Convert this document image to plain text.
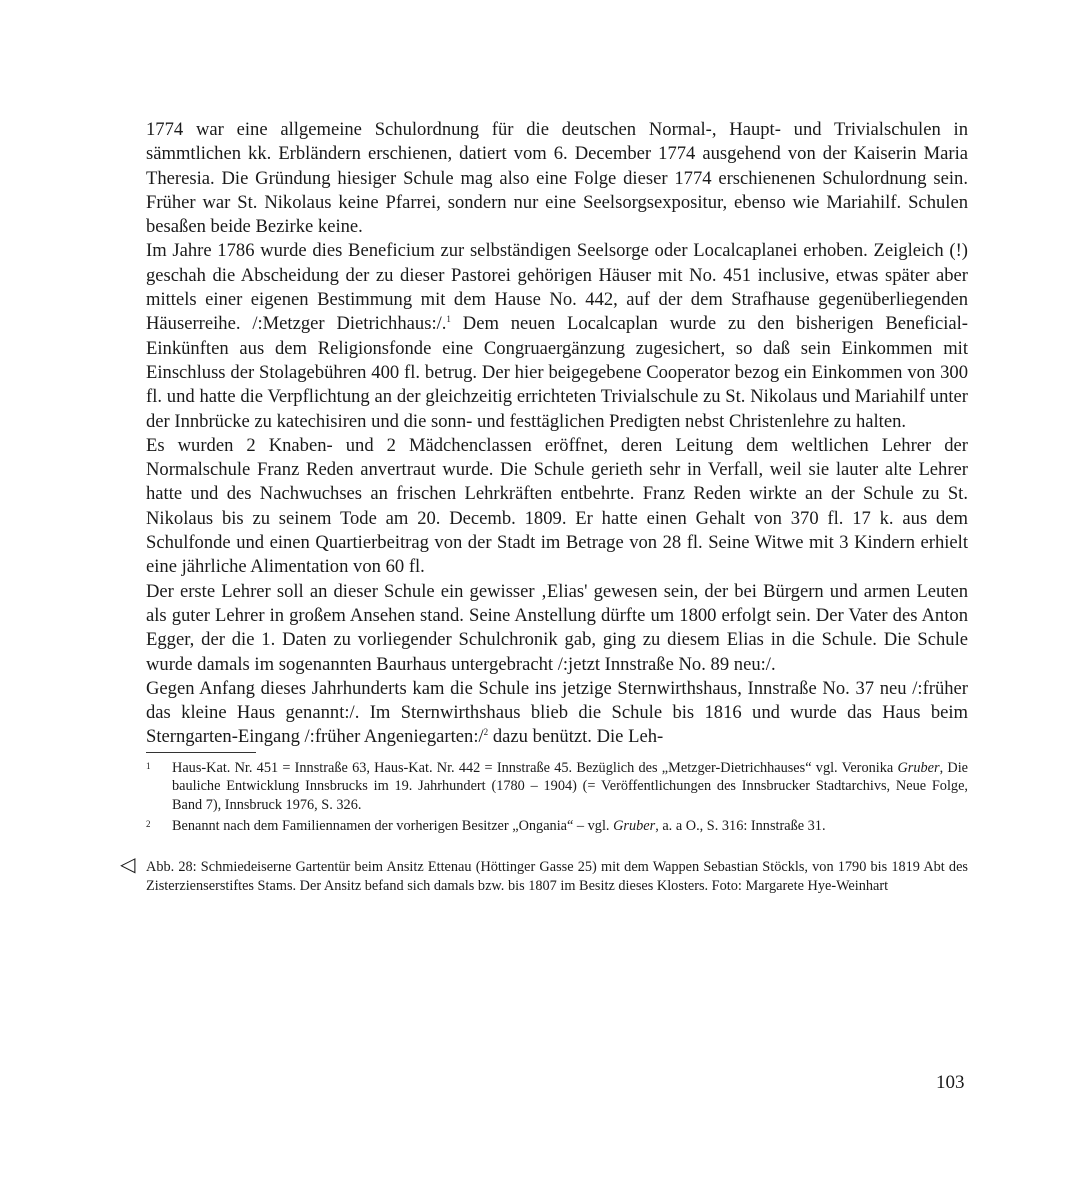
1774 war eine allgemeine Schulordnung für die deutschen Normal-, Haupt- und Trivialschulen in sämmtlichen kk. Erbländern erschienen, datiert vom 6. December 1774 ausgehend von der Kaiserin Maria Theresia. Die Gründung hiesiger Schule mag also eine Folge dieser 1774 erschienenen Schulordnung sein. Früher war St. Nikolaus keine Pfarrei, sondern nur eine Seelsorgsexpositur, ebenso wie Mariahilf. Schulen besaßen beide Bezirke keine.

Im Jahre 1786 wurde dies Beneficium zur selbständigen Seelsorge oder Localcaplanei erhoben. Zeigleich (!) geschah die Abscheidung der zu dieser Pastorei gehörigen Häuser mit No. 451 inclusive, etwas später aber mittels einer eigenen Bestimmung mit dem Hause No. 442, auf der dem Strafhause gegenüberliegenden Häuserreihe. /:Metzger Dietrichhaus:/.$^1$ Dem neuen Localcaplan wurde zu den bisherigen Beneficial-Einkünften aus dem Religionsfonde eine Congruaergänzung zugesichert, so daß sein Einkommen mit Einschluss der Stolagebühren 400 fl. betrug. Der hier beigegebene Cooperator bezog ein Einkommen von 300 fl. und hatte die Verpflichtung an der gleichzeitig errichteten Trivialschule zu St. Nikolaus und Mariahilf unter der Innbrücke zu katechisiren und die sonn- und festtäglichen Predigten nebst Christenlehre zu halten.

Es wurden 2 Knaben- und 2 Mädchenclassen eröffnet, deren Leitung dem weltlichen Lehrer der Normalschule Franz Reden anvertraut wurde. Die Schule gerieth sehr in Verfall, weil sie lauter alte Lehrer hatte und des Nachwuchses an frischen Lehrkräften entbehrte. Franz Reden wirkte an der Schule zu St. Nikolaus bis zu seinem Tode am 20. Decemb. 1809. Er hatte einen Gehalt von 370 fl. 17 k. aus dem Schulfonde und einen Quartierbeitrag von der Stadt im Betrage von 28 fl. Seine Witwe mit 3 Kindern erhielt eine jährliche Alimentation von 60 fl.

Der erste Lehrer soll an dieser Schule ein gewisser ‚Elias' gewesen sein, der bei Bürgern und armen Leuten als guter Lehrer in großem Ansehen stand. Seine Anstellung dürfte um 1800 erfolgt sein. Der Vater des Anton Egger, der die 1. Daten zu vorliegender Schulchronik gab, ging zu diesem Elias in die Schule. Die Schule wurde damals im sogenannten Baurhaus untergebracht /:jetzt Innstraße No. 89 neu:/.

Gegen Anfang dieses Jahrhunderts kam die Schule ins jetzige Sternwirthshaus, Innstraße No. 37 neu /:früher das kleine Haus genannt:/. Im Sternwirthshaus blieb die Schule bis 1816 und wurde das Haus beim Sterngarten-Eingang /:früher Angeniegarten:/$^2$ dazu benützt. Die Leh-

1 Haus-Kat. Nr. 451 = Innstraße 63, Haus-Kat. Nr. 442 = Innstraße 45. Bezüglich des „Metzger-Dietrichhauses“ vgl. Veronika Gruber, Die bauliche Entwicklung Innsbrucks im 19. Jahrhundert (1780 – 1904) (= Veröffentlichungen des Innsbrucker Stadtarchivs, Neue Folge, Band 7), Innsbruck 1976, S. 326.

2 Benannt nach dem Familiennamen der vorherigen Besitzer „Ongania“ – vgl. Gruber, a. a O., S. 316: Innstraße 31.

◁ Abb. 28: Schmiedeiserne Gartentür beim Ansitz Ettenau (Höttinger Gasse 25) mit dem Wappen Sebastian Stöckls, von 1790 bis 1819 Abt des Zisterzienserstiftes Stams. Der Ansitz befand sich damals bzw. bis 1807 im Besitz dieses Klosters. Foto: Margarete Hye-Weinhart
103
